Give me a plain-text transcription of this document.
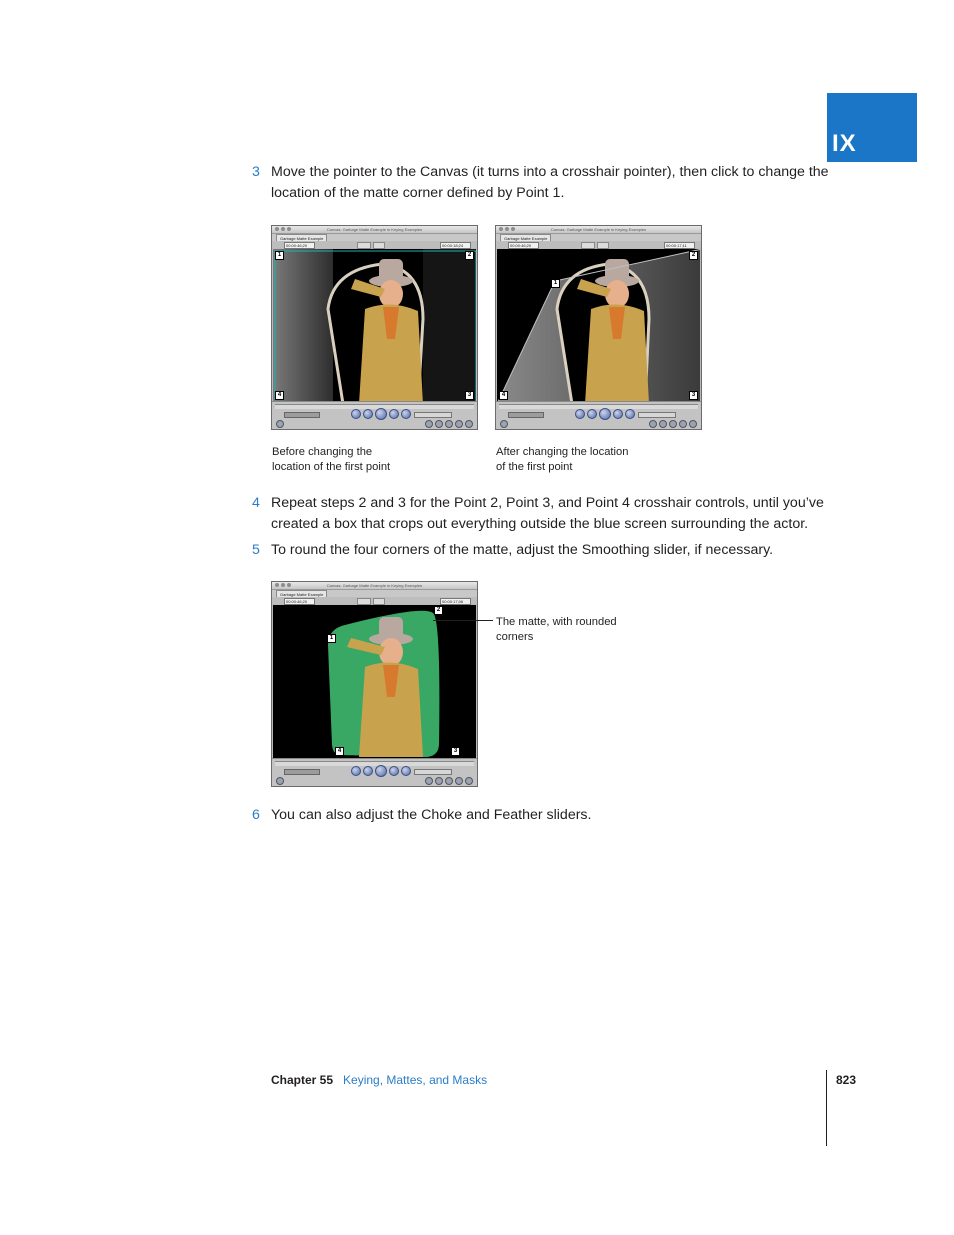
IX
3 Move the pointer to the Canvas (it turns into a crosshair pointer), then click to change the location of the matte corner defined by Point 1.
Canvas: Garbage Matte Example in Keying Examples
Garbage Matte Example
00:00:46;20	00:00:18;24
1	2
3
4
Canvas: Garbage Matte Example in Keying Examples
Garbage Matte Example
00:00:46;20	00:00:17;11
1
2
3
4
Before changing the
location of the first point
After changing the location
of the first point
4 Repeat steps 2 and 3 for the Point 2, Point 3, and Point 4 crosshair controls, until you’ve created a box that crops out everything outside the blue screen surrounding the actor.
5 To round the four corners of the matte, adjust the Smoothing slider, if necessary.
Canvas: Garbage Matte Example in Keying Examples
Garbage Matte Example
00:00:46;20	00:00:17;06
1
2
3
4
The matte, with rounded
corners
6 You can also adjust the Choke and Feather sliders.
Chapter 55 Keying, Mattes, and Masks	823
